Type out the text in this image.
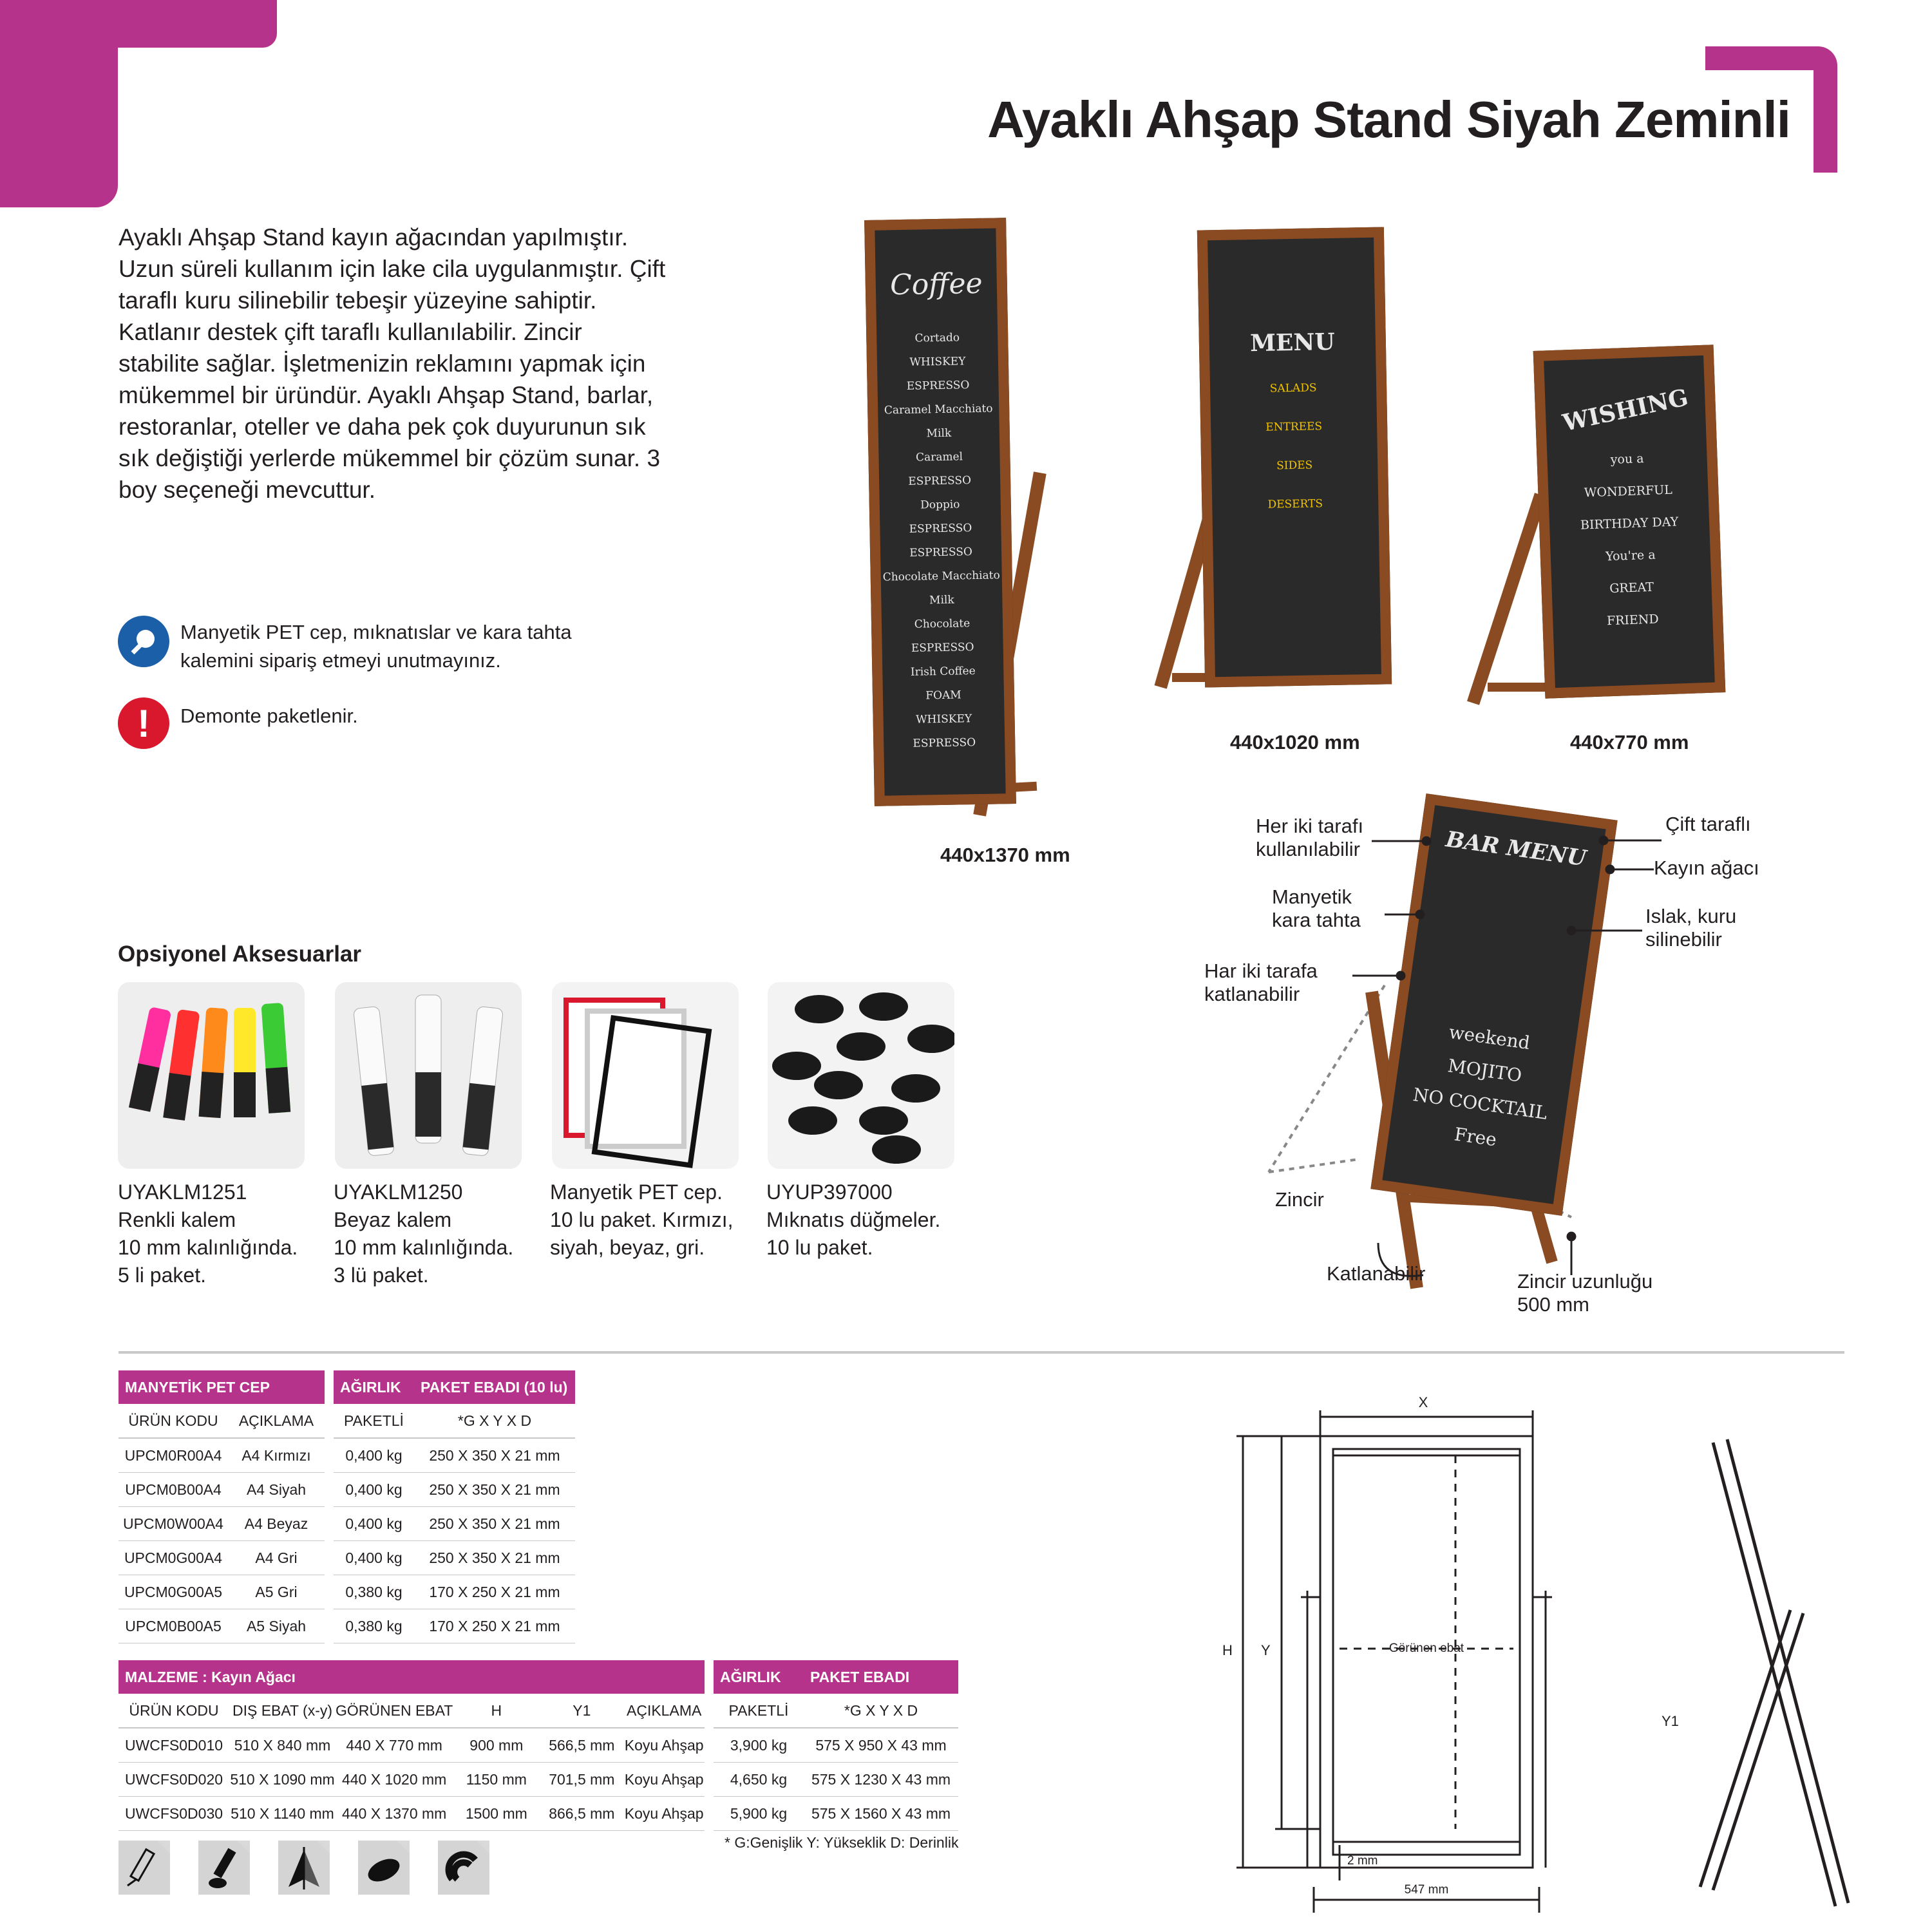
Ayaklı Ahşap Stand Siyah Zeminli
Ayaklı Ahşap Stand kayın ağacından yapılmıştır. Uzun süreli kullanım için lake cila uygulanmıştır. Çift taraflı kuru silinebilir tebeşir yüzeyine sahiptir. Katlanır destek çift taraflı kullanılabilir. Zincir stabilite sağlar. İşletmenizin reklamını yapmak için mükemmel bir üründür. Ayaklı Ahşap Stand, barlar, restoranlar, oteller ve daha pek çok duyurunun sık sık değiştiği yerlerde mükemmel bir çözüm sunar. 3 boy seçeneği mevcuttur.
Manyetik PET cep, mıknatıslar ve kara tahta kalemini sipariş etmeyi unutmayınız.
!	Demonte paketlenir.
Coffee
Cortado
WHISKEY
ESPRESSO
Caramel Macchiato
Milk
Caramel
ESPRESSO
Doppio
ESPRESSO
ESPRESSO
Chocolate Macchiato
Milk
Chocolate
ESPRESSO
Irish Coffee
FOAM
WHISKEY
ESPRESSO
440x1370 mm
MENU
SALADS
ENTREES
SIDES
DESERTS
440x1020 mm
WISHING
you a
WONDERFUL
BIRTHDAY DAY
You're a
GREAT
FRIEND
440x770 mm
BAR MENU
weekend
MOJITO
NO COCKTAIL
Free
Her iki tarafı kullanılabilir
Manyetik kara tahta
Har iki tarafa katlanabilir
Zincir
Katlanabilir	Zincir uzunluğu 500 mm
Çift taraflı
Kayın ağacı
Islak, kuru silinebilir
Opsiyonel Aksesuarlar
UYAKLM1251
Renkli kalem
10 mm kalınlığında.
5 li paket.
UYAKLM1250
Beyaz kalem
10 mm kalınlığında.
3 lü paket.
Manyetik PET cep.
10 lu paket. Kırmızı,
siyah, beyaz, gri.
UYUP397000
Mıknatıs düğmeler.
10 lu paket.
MANYETİK PET CEP			AĞIRLIK	PAKET EBADI (10 lu)
ÜRÜN KODU	AÇIKLAMA		PAKETLİ	*G X Y X D
UPCM0R00A4	A4 Kırmızı		0,400 kg	250 X 350 X 21 mm
UPCM0B00A4	A4 Siyah		0,400 kg	250 X 350 X 21 mm
UPCM0W00A4	A4 Beyaz		0,400 kg	250 X 350 X 21 mm
UPCM0G00A4	A4 Gri		0,400 kg	250 X 350 X 21 mm
UPCM0G00A5	A5 Gri		0,380 kg	170 X 250 X 21 mm
UPCM0B00A5	A5 Siyah		0,380 kg	170 X 250 X 21 mm
MALZEME : Kayın Ağacı							AĞIRLIK	PAKET EBADI
ÜRÜN KODU	DIŞ EBAT (x-y)	GÖRÜNEN EBAT	H	Y1	AÇIKLAMA		PAKETLİ	*G X Y X D
UWCFS0D010	510 X 840 mm	440 X 770 mm	900 mm	566,5 mm	Koyu Ahşap		3,900 kg	575 X 950 X 43 mm
UWCFS0D020	510 X 1090 mm	440 X 1020 mm	1150 mm	701,5 mm	Koyu Ahşap		4,650 kg	575 X 1230 X 43 mm
UWCFS0D030	510 X 1140 mm	440 X 1370 mm	1500 mm	866,5 mm	Koyu Ahşap		5,900 kg	575 X 1560 X 43 mm
* G:Genişlik Y: Yükseklik D: Derinlik
X
H Y	Görünen ebat
2 mm
547 mm
Y1
